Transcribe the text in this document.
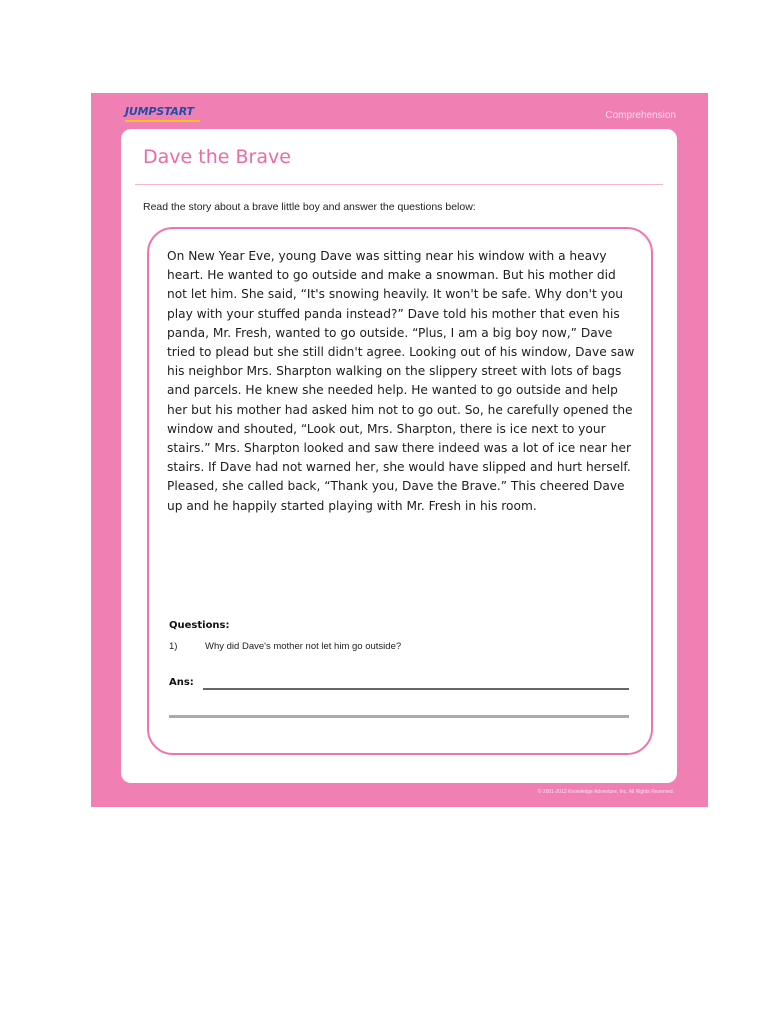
JUMPSTART	Comprehension
Dave the Brave
Read the story about a brave little boy and answer the questions below:

On New Year Eve, young Dave was sitting near his window with a heavy heart. He wanted to go outside and make a snowman. But his mother did not let him. She said, “It's snowing heavily. It won't be safe. Why don't you play with your stuffed panda instead?” Dave told his mother that even his panda, Mr. Fresh, wanted to go outside. “Plus, I am a big boy now,” Dave tried to plead but she still didn't agree. Looking out of his window, Dave saw his neighbor Mrs. Sharpton walking on the slippery street with lots of bags and parcels. He knew she needed help. He wanted to go outside and help her but his mother had asked him not to go out. So, he carefully opened the window and shouted, “Look out, Mrs. Sharpton, there is ice next to your stairs.” Mrs. Sharpton looked and saw there indeed was a lot of ice near her stairs. If Dave had not warned her, she would have slipped and hurt herself. Pleased, she called back, “Thank you, Dave the Brave.” This cheered Dave up and he happily started playing with Mr. Fresh in his room.

Questions:
1)	Why did Dave's mother not let him go outside?
Ans:
© 2001-2013 Knowledge Adventure, Inc. All Rights Reserved.
